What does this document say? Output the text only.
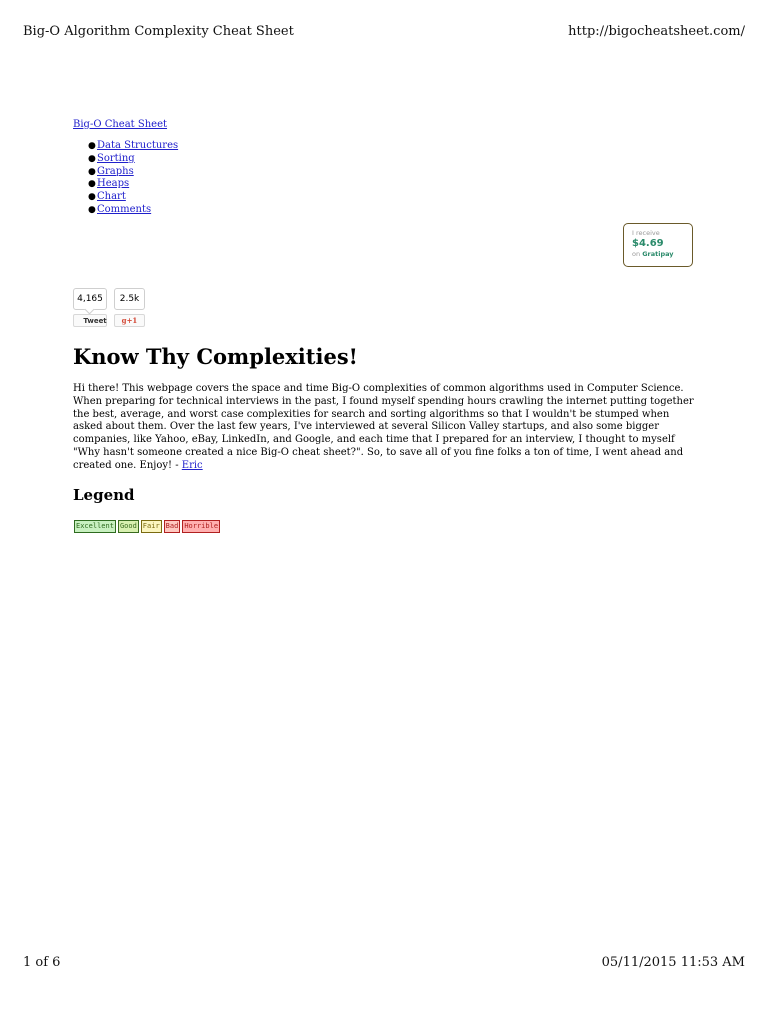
Big-O Algorithm Complexity Cheat Sheet	http://bigocheatsheet.com/
Big-O Cheat Sheet
● Data Structures
● Sorting
● Graphs
● Heaps
● Chart
● Comments
I receive
$4.69
on Gratipay
4,165	2.5k
Tweet	g+1
Know Thy Complexities!

Hi there! This webpage covers the space and time Big-O complexities of common algorithms used in Computer Science. When preparing for technical interviews in the past, I found myself spending hours crawling the internet putting together the best, average, and worst case complexities for search and sorting algorithms so that I wouldn't be stumped when asked about them. Over the last few years, I've interviewed at several Silicon Valley startups, and also some bigger companies, like Yahoo, eBay, LinkedIn, and Google, and each time that I prepared for an interview, I thought to myself "Why hasn't someone created a nice Big-O cheat sheet?". So, to save all of you fine folks a ton of time, I went ahead and created one. Enjoy! - Eric

Legend
Excellent Good Fair Bad Horrible
1 of 6	05/11/2015 11:53 AM
